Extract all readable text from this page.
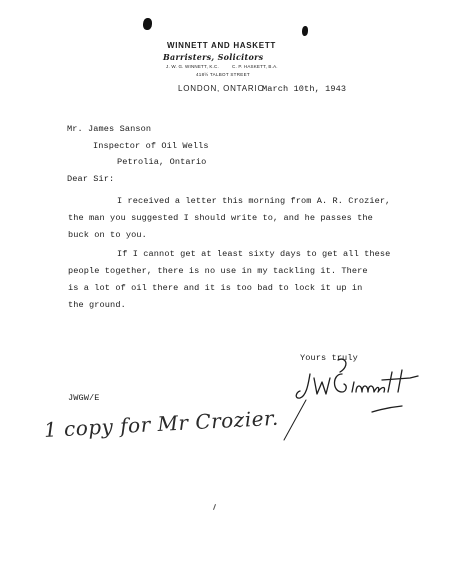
WINNETT AND HASKETT
Barristers, Solicitors
J. W. G. WINNETT, K.C.	C. P. HASKETT, B.A.
418½ TALBOT STREET
LONDON, ONTARIO
March 10th, 1943
Mr. James Sanson
Inspector of Oil Wells
Petrolia, Ontario
Dear Sir:
I received a letter this morning from A. R. Crozier,
the man you suggested I should write to, and he passes the
buck on to you.
If I cannot get at least sixty days to get all these
people together, there is no use in my tackling it. There
is a lot of oil there and it is too bad to lock it up in
the ground.
Yours truly
JWGW/E
1 copy for Mr Crozier.
